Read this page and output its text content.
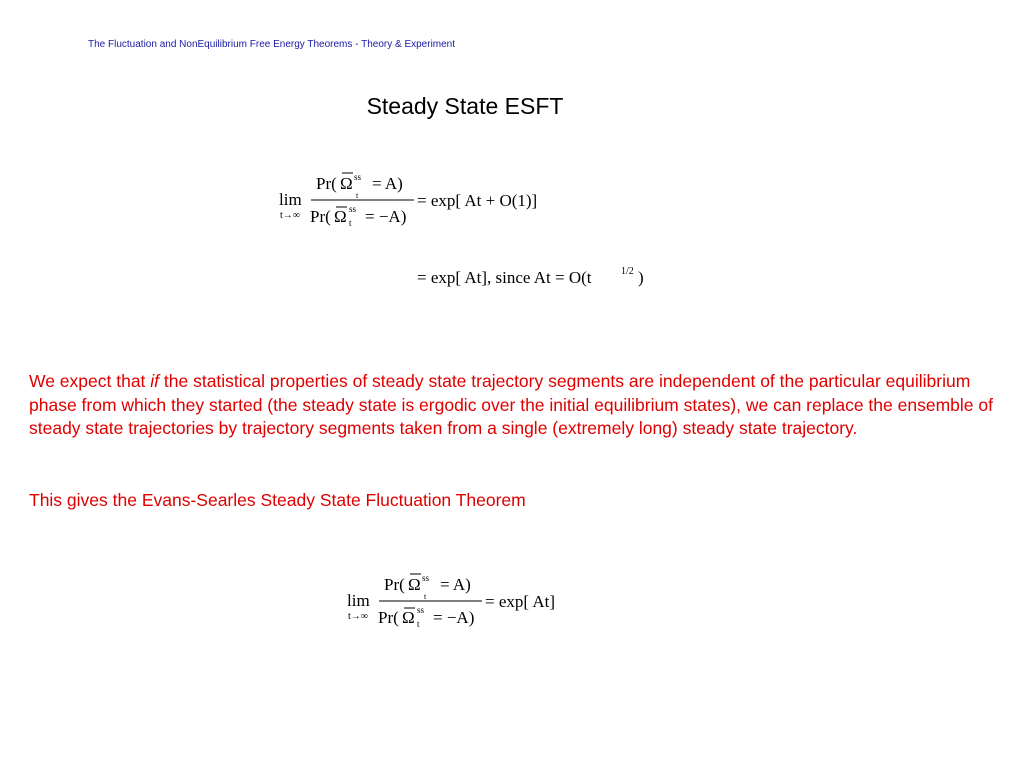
The Fluctuation and NonEquilibrium Free Energy Theorems - Theory & Experiment
Steady State ESFT
lim
t→∞
Pr( Ω ss
t
= A)
Pr( Ω ss
t = −A)
= exp[ At + O(1)]
= exp[ At], since At = O(t	1/2 )
We expect that if the statistical properties of steady state trajectory segments are independent of the particular equilibrium phase from which they started (the steady state is ergodic over the initial equilibrium states), we can replace the ensemble of steady state trajectories by trajectory segments taken from a single (extremely long) steady state trajectory.
This gives the Evans-Searles Steady State Fluctuation Theorem
lim
t→∞
Pr( Ω ss
t
= A)
Pr( Ω ss
t = −A)
= exp[ At]
